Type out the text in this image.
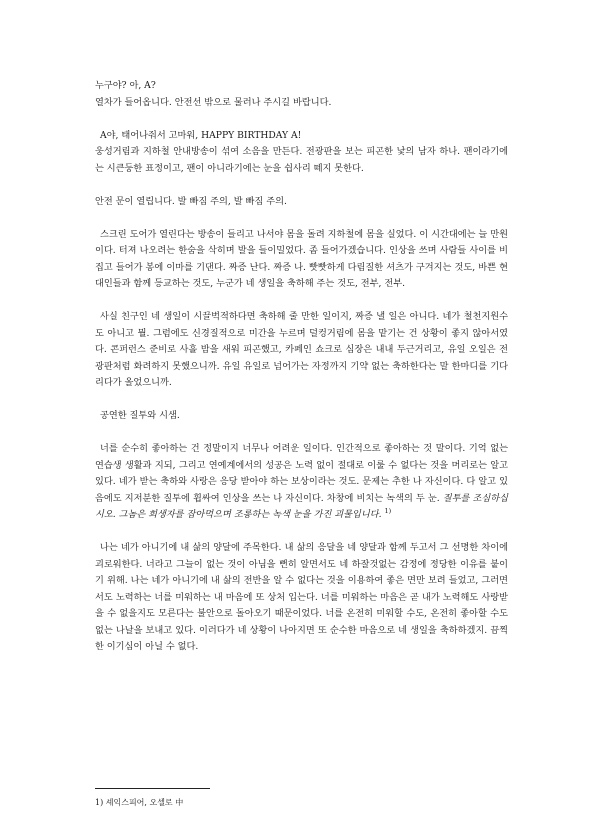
누구야? 아, A?

열차가 들어옵니다. 안전선 밖으로 물러나 주시길 바랍니다.

A야, 태어나줘서 고마워, HAPPY BIRTHDAY A!

웅성거림과 지하철 안내방송이 섞여 소음을 만든다. 전광판을 보는 피곤한 낯의 남자 하나. 팬이라기에는 시큰둥한 표정이고, 팬이 아니라기에는 눈을 쉽사리 떼지 못한다.

안전 문이 열립니다. 발 빠짐 주의, 발 빠짐 주의.

스크린 도어가 열린다는 방송이 들리고 나서야 몸을 돌려 지하철에 몸을 실었다. 이 시간대에는 늘 만원이다. 터져 나오려는 한숨을 삭히며 발을 들이밀었다. 좀 들어가겠습니다. 인상을 쓰며 사람들 사이를 비집고 들어가 봉에 이마를 기댄다. 짜증 난다. 짜증 나. 빳빳하게 다림질한 셔츠가 구겨지는 것도, 바쁜 현대인들과 함께 등교하는 것도, 누군가 네 생일을 축하해 주는 것도, 전부, 전부.

사실 친구인 네 생일이 시끌벅적하다면 축하해 줄 만한 일이지, 짜증 낼 일은 아니다. 네가 철천지원수도 아니고 뭘. 그럼에도 신경질적으로 미간을 누르며 덜컹거림에 몸을 맡기는 건 상황이 좋지 않아서였다. 콘퍼런스 준비로 사흘 밤을 새워 피곤했고, 카페인 쇼크로 심장은 내내 두근거리고, 유일 오일은 전광판처럼 화려하지 못했으니까. 유일 유일로 넘어가는 자정까지 기약 없는 축하한다는 말 한마디를 기다리다가 올었으니까.

공연한 질투와 시샘.

너를 순수히 좋아하는 건 정말이지 너무나 어려운 일이다. 인간적으로 좋아하는 것 말이다. 기억 없는 연습생 생활과 지되, 그리고 연예계에서의 성공은 노력 없이 절대로 이룰 수 없다는 것을 머리로는 알고 있다. 네가 받는 축하와 사랑은 응당 받아야 하는 보상이라는 것도. 문제는 추한 나 자신이다. 다 알고 있음에도 지저분한 질투에 휩싸여 인상을 쓰는 나 자신이다. 차창에 비치는 녹색의 두 눈. 질투를 조심하십시오. 그놈은 희생자를 잡아먹으며 조롱하는 녹색 눈을 가진 괴물입니다. $^{1)}$

나는 네가 아니기에 내 삶의 양달에 주목한다. 내 삶의 응달을 네 양달과 함께 두고서 그 선명한 차이에 괴로워한다. 너라고 그늘이 없는 것이 아님을 뻔히 알면서도 네 하잘것없는 감정에 정당한 이유를 붙이기 위해. 나는 네가 아니기에 내 삶의 전반을 알 수 없다는 것을 이용하여 좋은 면만 보려 들었고, 그러면서도 노력하는 너를 미워하는 내 마음에 또 상처 입는다. 너를 미워하는 마음은 곧 내가 노력해도 사랑받을 수 없을지도 모른다는 불안으로 돌아오기 때문이었다. 너를 온전히 미워할 수도, 온전히 좋아할 수도 없는 나날을 보내고 있다. 이러다가 네 상황이 나아지면 또 순수한 마음으로 네 생일을 축하하겠지. 끔찍한 이기심이 아닐 수 없다.

1) 셰익스피어, 오셀로 中
